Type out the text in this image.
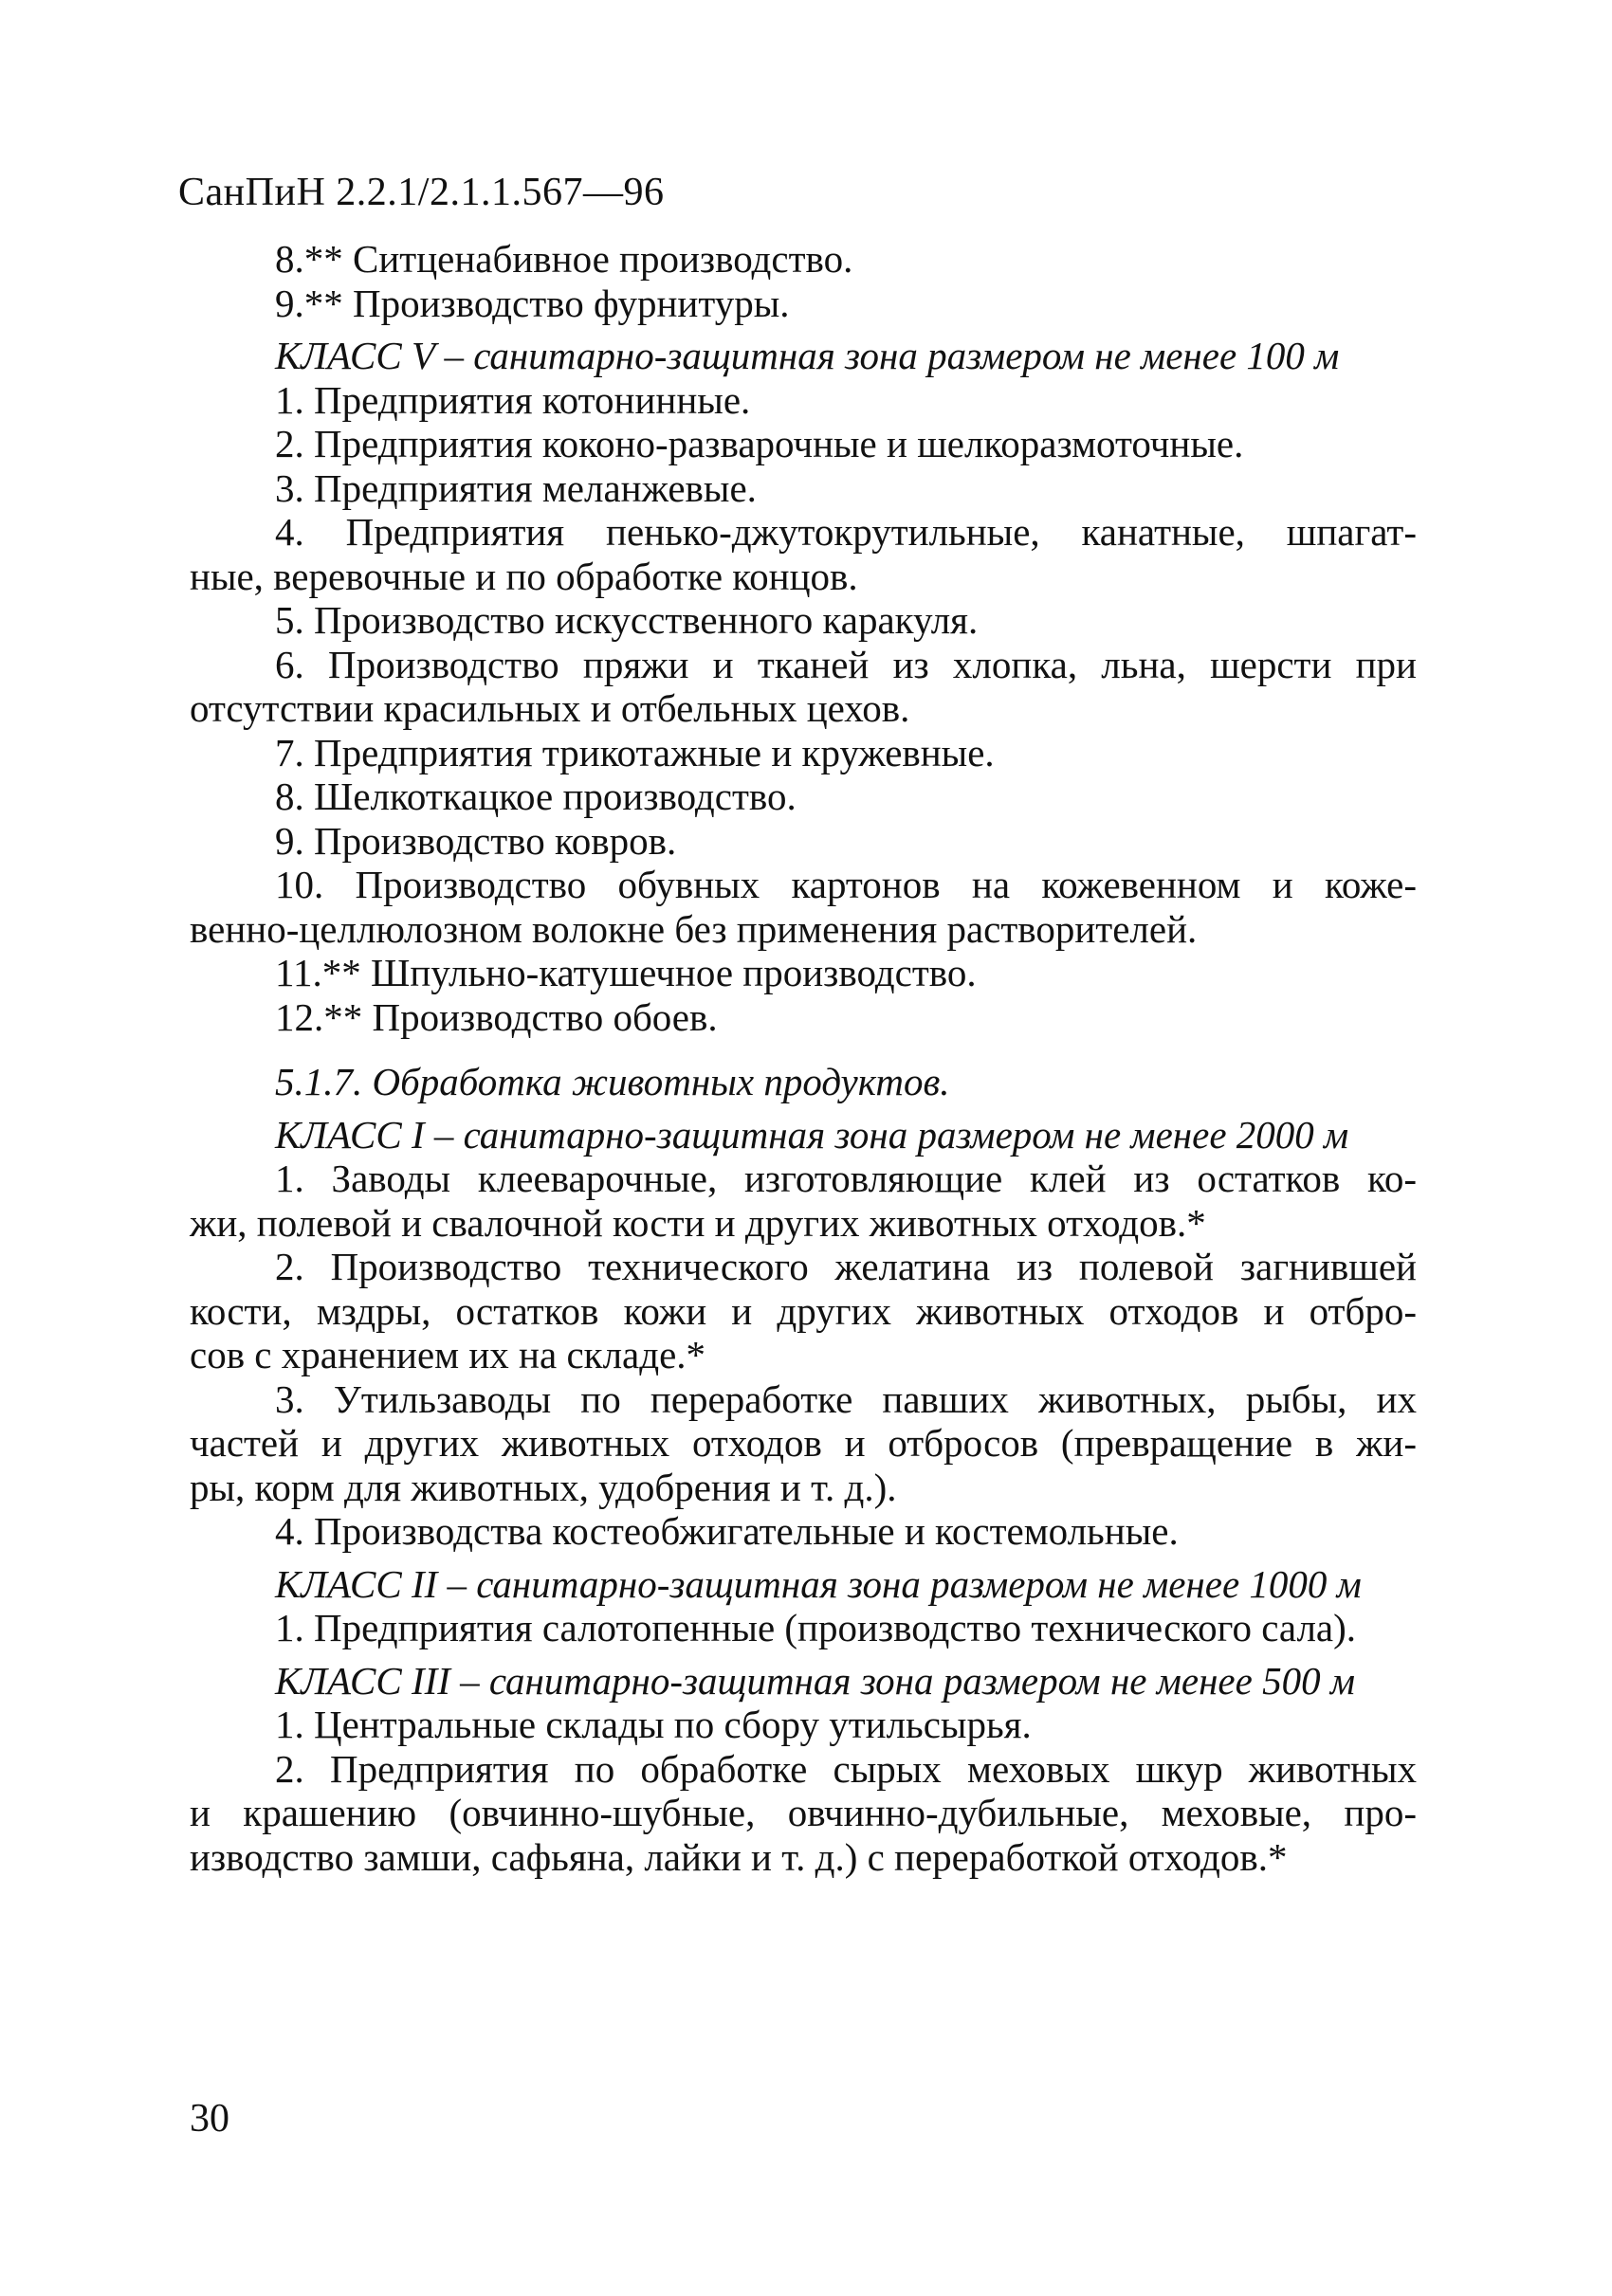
СанПиН 2.2.1/2.1.1.567—96
8.** Ситценабивное производство.
9.** Производство фурнитуры.
КЛАСС V – санитарно-защитная зона размером не менее 100 м
1. Предприятия котонинные.
2. Предприятия коконо-разварочные и шелкоразмоточные.
3. Предприятия меланжевые.
4. Предприятия пенько-джутокрутильные, канатные, шпагат-
ные, веревочные и по обработке концов.
5. Производство искусственного каракуля.
6. Производство пряжи и тканей из хлопка, льна, шерсти при
отсутствии красильных и отбельных цехов.
7. Предприятия трикотажные и кружевные.
8. Шелкоткацкое производство.
9. Производство ковров.
10. Производство обувных картонов на кожевенном и коже-
венно-целлюлозном волокне без применения растворителей.
11.** Шпульно-катушечное производство.
12.** Производство обоев.
5.1.7. Обработка животных продуктов.
КЛАСС I – санитарно-защитная зона размером не менее 2000 м
1. Заводы клееварочные, изготовляющие клей из остатков ко-
жи, полевой и свалочной кости и других животных отходов.*
2. Производство технического желатина из полевой загнившей
кости, мздры, остатков кожи и других животных отходов и отбро-
сов с хранением их на складе.*
3. Утильзаводы по переработке павших животных, рыбы, их
частей и других животных отходов и отбросов (превращение в жи-
ры, корм для животных, удобрения и т. д.).
4. Производства костеобжигательные и костемольные.
КЛАСС II – санитарно-защитная зона размером не менее 1000 м
1. Предприятия салотопенные (производство технического сала).
КЛАСС III – санитарно-защитная зона размером не менее 500 м
1. Центральные склады по сбору утильсырья.
2. Предприятия по обработке сырых меховых шкур животных
и крашению (овчинно-шубные, овчинно-дубильные, меховые, про-
изводство замши, сафьяна, лайки и т. д.) с переработкой отходов.*
30
